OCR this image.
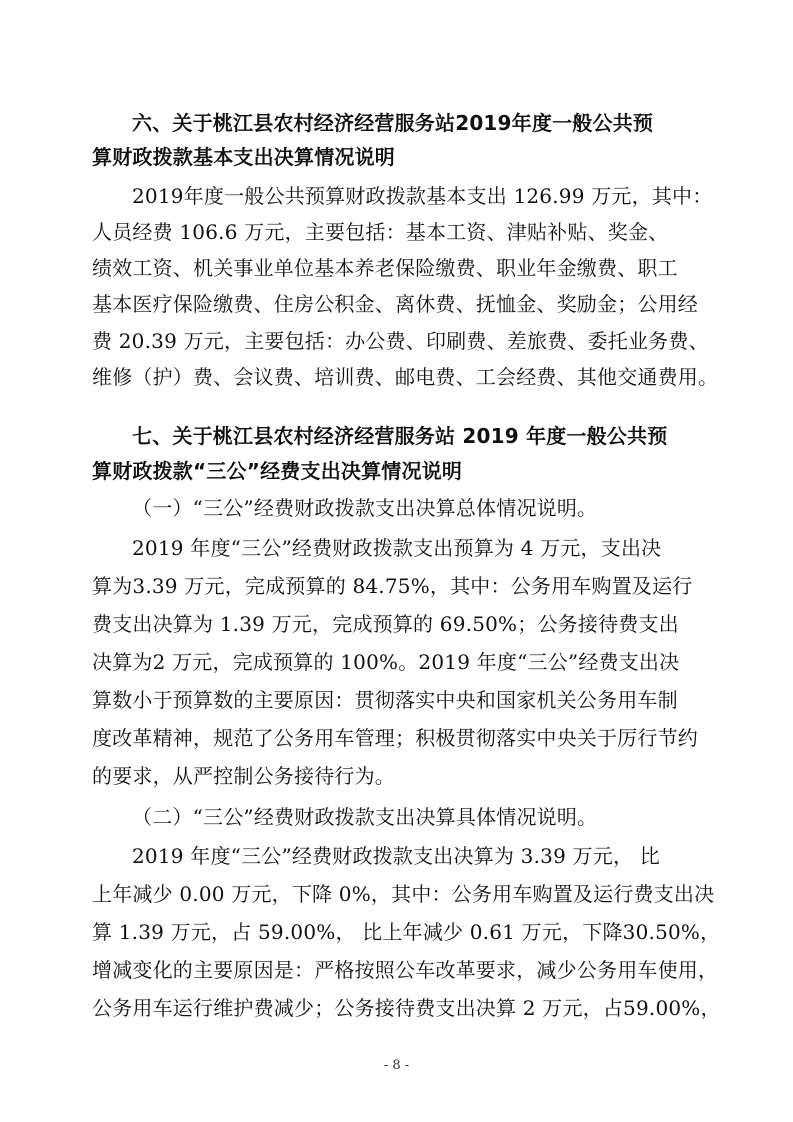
六、关于桃江县农村经济经营服务站2019年度一般公共预
算财政拨款基本支出决算情况说明
2019年度一般公共预算财政拨款基本支出 126.99 万元，其中：
人员经费 106.6 万元，主要包括：基本工资、津贴补贴、奖金、
绩效工资、机关事业单位基本养老保险缴费、职业年金缴费、职工
基本医疗保险缴费、住房公积金、离休费、抚恤金、奖励金；公用经
费 20.39 万元，主要包括：办公费、印刷费、差旅费、委托业务费、
维修（护）费、会议费、培训费、邮电费、工会经费、其他交通费用。
七、关于桃江县农村经济经营服务站 2019 年度一般公共预
算财政拨款“三公”经费支出决算情况说明
（一）“三公”经费财政拨款支出决算总体情况说明。
2019 年度“三公”经费财政拨款支出预算为 4 万元，支出决
算为3.39 万元，完成预算的 84.75%，其中：公务用车购置及运行
费支出决算为 1.39 万元，完成预算的 69.50%；公务接待费支出
决算为2 万元，完成预算的 100%。2019 年度“三公”经费支出决
算数小于预算数的主要原因：贯彻落实中央和国家机关公务用车制
度改革精神，规范了公务用车管理；积极贯彻落实中央关于厉行节约
的要求，从严控制公务接待行为。
（二）“三公”经费财政拨款支出决算具体情况说明。
2019 年度“三公”经费财政拨款支出决算为 3.39 万元， 比
上年减少 0.00 万元，下降 0%，其中：公务用车购置及运行费支出决
算 1.39 万元，占 59.00%， 比上年减少 0.61 万元，下降30.50%，
增减变化的主要原因是：严格按照公车改革要求，减少公务用车使用，
公务用车运行维护费减少；公务接待费支出决算 2 万元，占59.00%，
- 8 -
